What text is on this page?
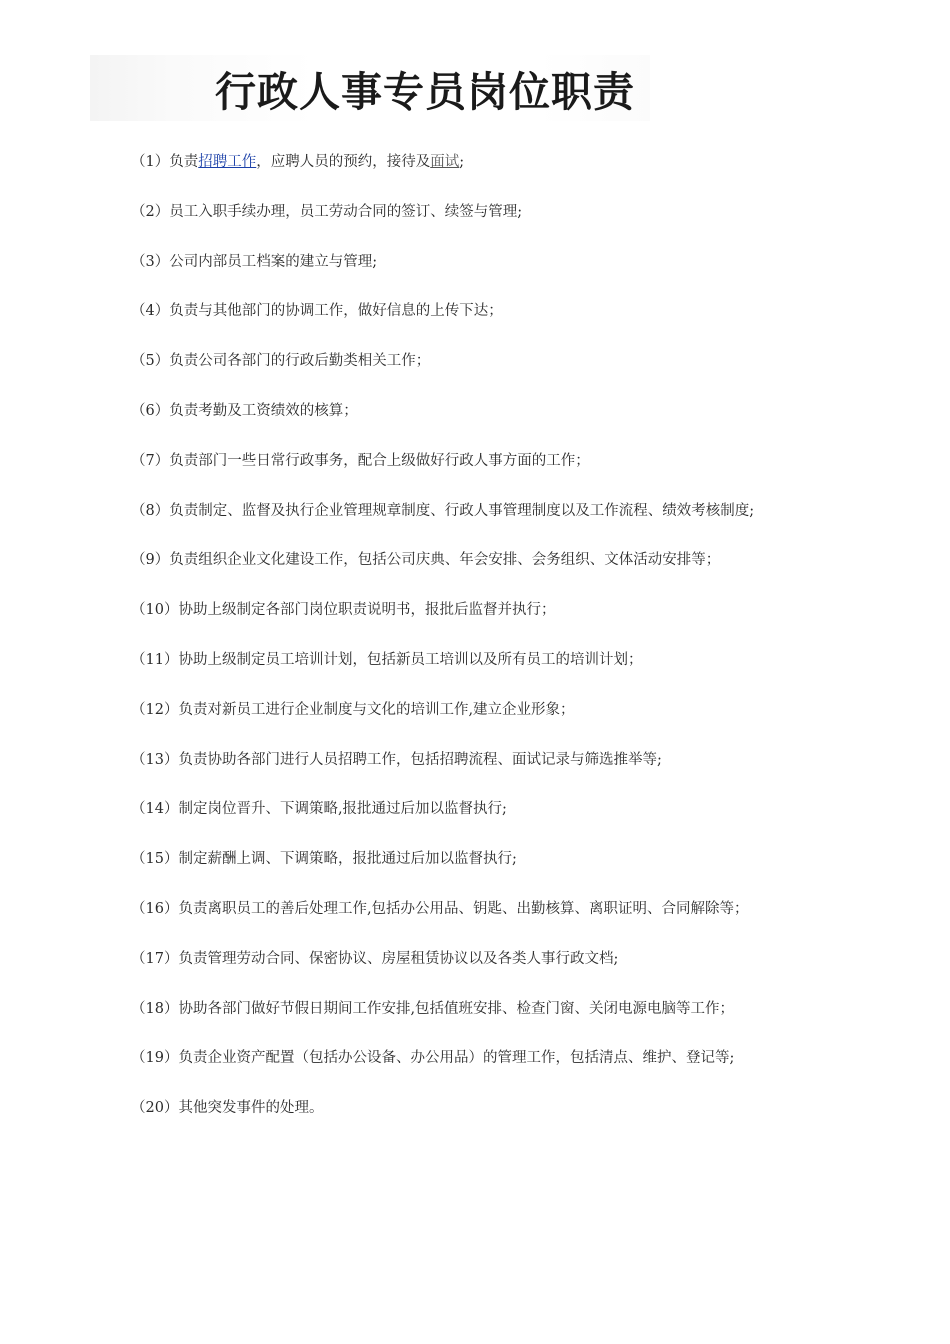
行政人事专员岗位职责
（1）负责招聘工作，应聘人员的预约，接待及面试;
（2）员工入职手续办理，员工劳动合同的签订、续签与管理;
（3）公司内部员工档案的建立与管理;
（4）负责与其他部门的协调工作，做好信息的上传下达；
（5）负责公司各部门的行政后勤类相关工作；
（6）负责考勤及工资绩效的核算；
（7）负责部门一些日常行政事务，配合上级做好行政人事方面的工作；
（8）负责制定、监督及执行企业管理规章制度、行政人事管理制度以及工作流程、绩效考核制度;
（9）负责组织企业文化建设工作，包括公司庆典、年会安排、会务组织、文体活动安排等；
（10）协助上级制定各部门岗位职责说明书，报批后监督并执行；
（11）协助上级制定员工培训计划，包括新员工培训以及所有员工的培训计划；
（12）负责对新员工进行企业制度与文化的培训工作,建立企业形象；
（13）负责协助各部门进行人员招聘工作，包括招聘流程、面试记录与筛选推举等;
（14）制定岗位晋升、下调策略,报批通过后加以监督执行;
（15）制定薪酬上调、下调策略，报批通过后加以监督执行;
（16）负责离职员工的善后处理工作,包括办公用品、钥匙、出勤核算、离职证明、合同解除等；
（17）负责管理劳动合同、保密协议、房屋租赁协议以及各类人事行政文档;
（18）协助各部门做好节假日期间工作安排,包括值班安排、检查门窗、关闭电源电脑等工作；
（19）负责企业资产配置（包括办公设备、办公用品）的管理工作，包括清点、维护、登记等;
（20）其他突发事件的处理。
